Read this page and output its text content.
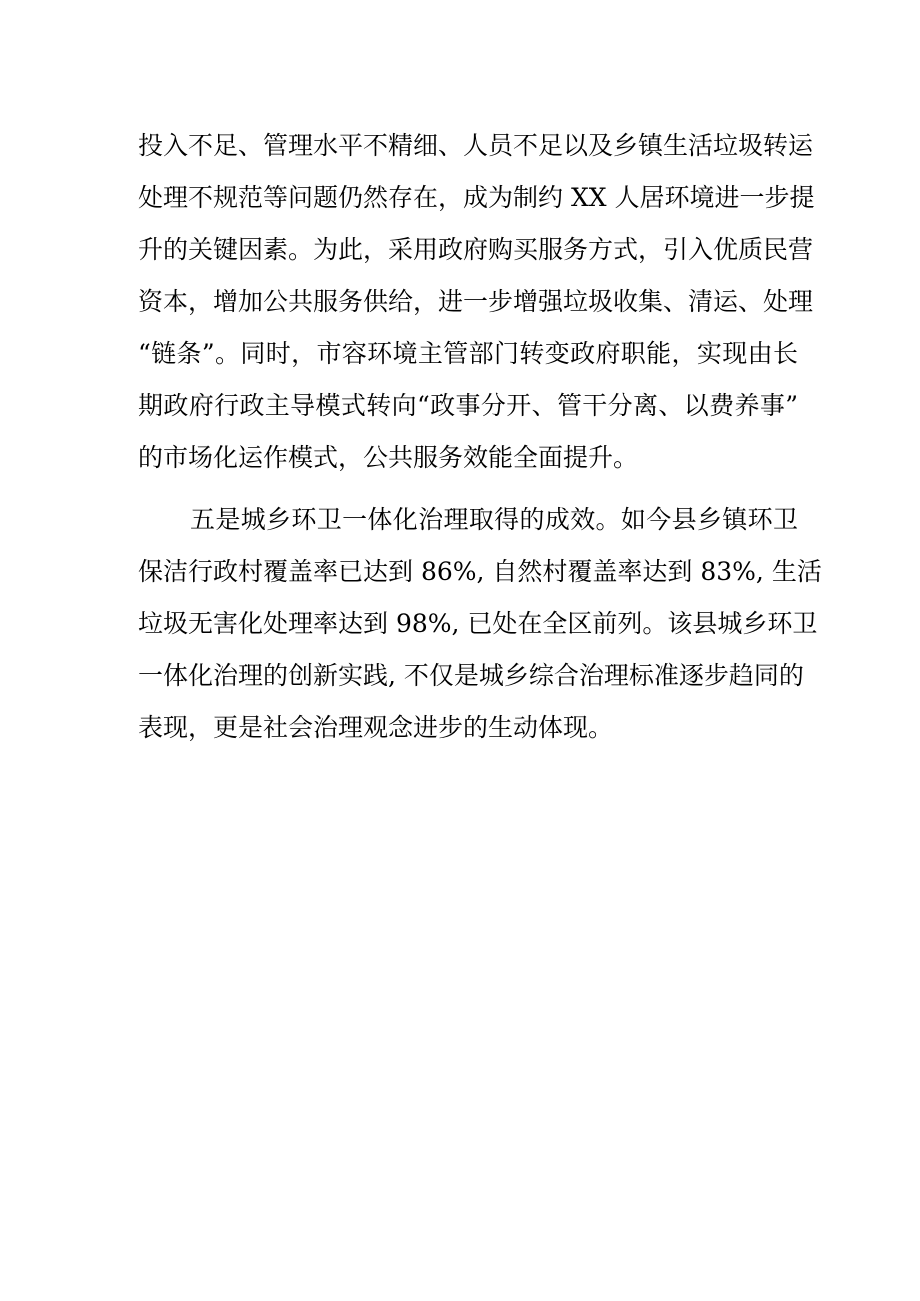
投入不足、管理水平不精细、人员不足以及乡镇生活垃圾转运
处理不规范等问题仍然存在，成为制约 XX 人居环境进一步提
升的关键因素。为此，采用政府购买服务方式，引入优质民营
资本，增加公共服务供给，进一步增强垃圾收集、清运、处理
“链条”。同时，市容环境主管部门转变政府职能，实现由长
期政府行政主导模式转向“政事分开、管干分离、以费养事”
的市场化运作模式，公共服务效能全面提升。
五是城乡环卫一体化治理取得的成效。如今县乡镇环卫
保洁行政村覆盖率已达到 86%, 自然村覆盖率达到 83%, 生活
垃圾无害化处理率达到 98%, 已处在全区前列。该县城乡环卫
一体化治理的创新实践, 不仅是城乡综合治理标准逐步趋同的
表现，更是社会治理观念进步的生动体现。
